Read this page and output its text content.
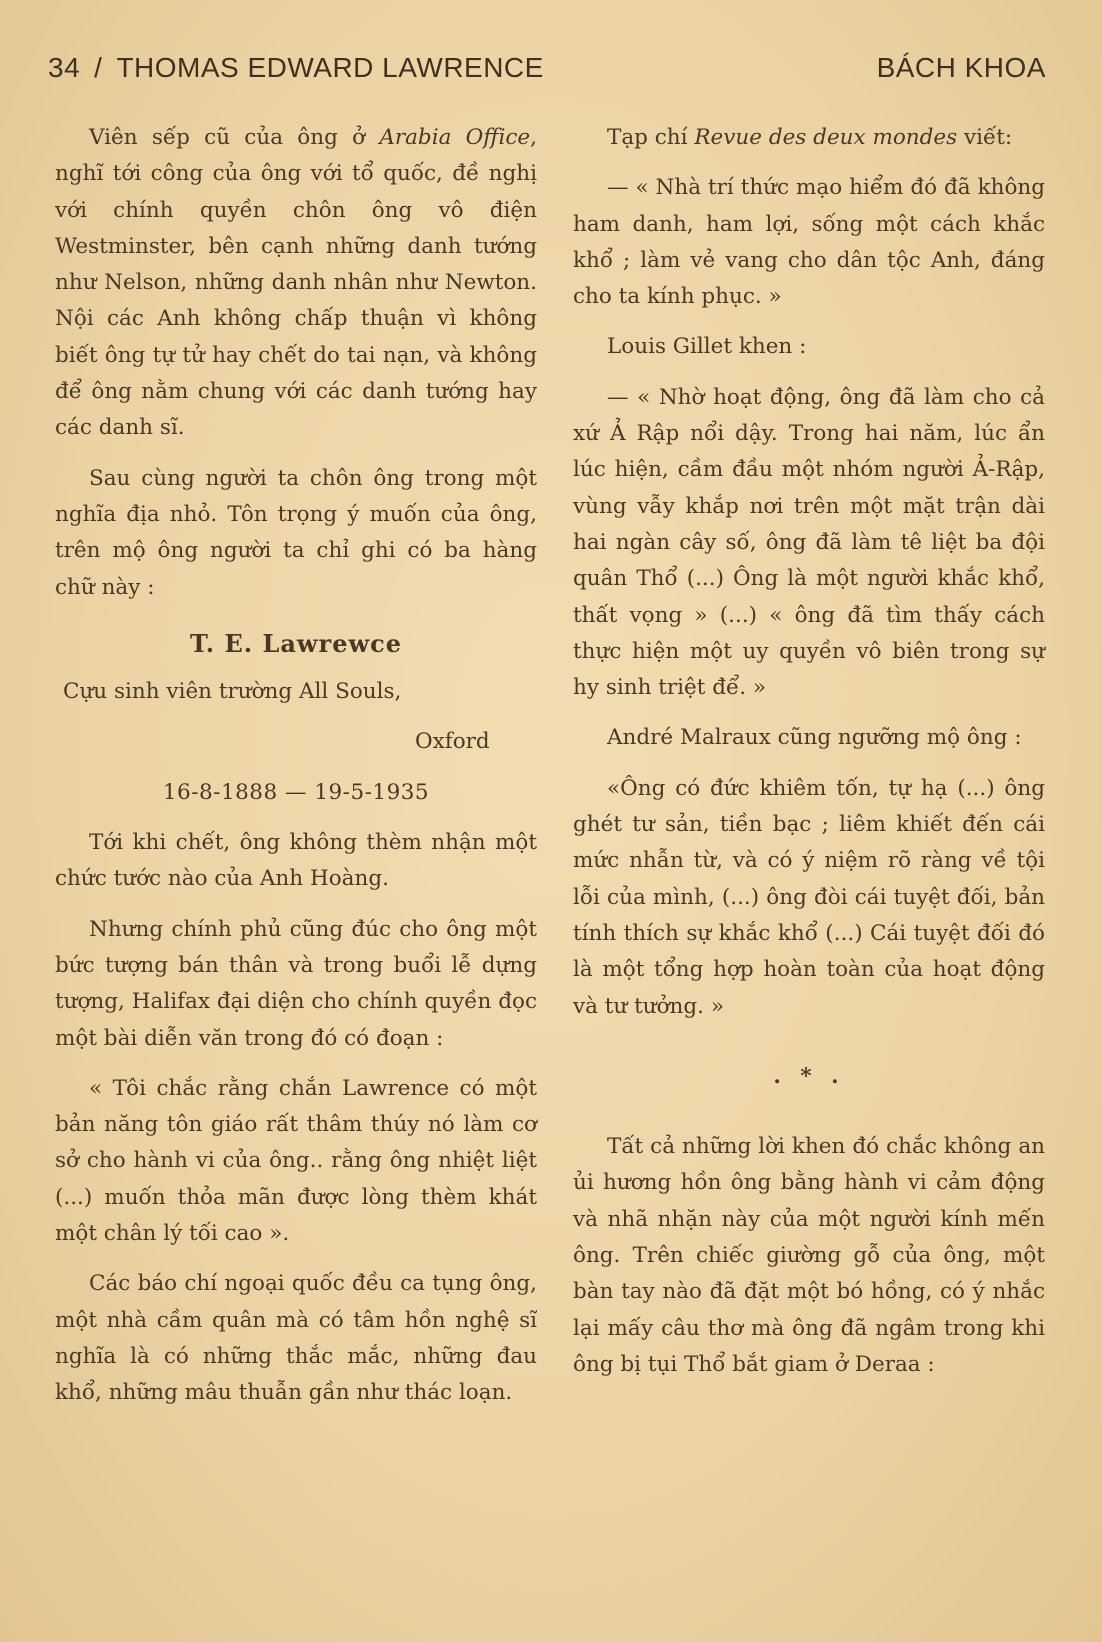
34 / THOMAS EDWARD LAWRENCE	BÁCH KHOA

Viên sếp cũ của ông ở Arabia Office, nghĩ tới công của ông với tổ quốc, đề nghị với chính quyền chôn ông vô điện Westminster, bên cạnh những danh tướng như Nelson, những danh nhân như Newton. Nội các Anh không chấp thuận vì không biết ông tự tử hay chết do tai nạn, và không để ông nằm chung với các danh tướng hay các danh sĩ.

Sau cùng người ta chôn ông trong một nghĩa địa nhỏ. Tôn trọng ý muốn của ông, trên mộ ông người ta chỉ ghi có ba hàng chữ này :

T. E. Lawrewce

Cựu sinh viên trường All Souls,

Oxford

16-8-1888 — 19-5-1935

Tới khi chết, ông không thèm nhận một chức tước nào của Anh Hoàng.

Nhưng chính phủ cũng đúc cho ông một bức tượng bán thân và trong buổi lễ dựng tượng, Halifax đại diện cho chính quyền đọc một bài diễn văn trong đó có đoạn :

« Tôi chắc rằng chắn Lawrence có một bản năng tôn giáo rất thâm thúy nó làm cơ sở cho hành vi của ông.. rằng ông nhiệt liệt (...) muốn thỏa mãn được lòng thèm khát một chân lý tối cao ».

Các báo chí ngoại quốc đều ca tụng ông, một nhà cầm quân mà có tâm hồn nghệ sĩ nghĩa là có những thắc mắc, những đau khổ, những mâu thuẫn gần như thác loạn.

Tạp chí Revue des deux mondes viết:

— « Nhà trí thức mạo hiểm đó đã không ham danh, ham lợi, sống một cách khắc khổ ; làm vẻ vang cho dân tộc Anh, đáng cho ta kính phục. »

Louis Gillet khen :

— « Nhờ hoạt động, ông đã làm cho cả xứ Ả Rập nổi dậy. Trong hai năm, lúc ẩn lúc hiện, cầm đầu một nhóm người Ả-Rập, vùng vẫy khắp nơi trên một mặt trận dài hai ngàn cây số, ông đã làm tê liệt ba đội quân Thổ (...) Ông là một người khắc khổ, thất vọng » (...) « ông đã tìm thấy cách thực hiện một uy quyền vô biên trong sự hy sinh triệt để. »

André Malraux cũng ngưỡng mộ ông :

«Ông có đức khiêm tốn, tự hạ (...) ông ghét tư sản, tiền bạc ; liêm khiết đến cái mức nhẫn từ, và có ý niệm rõ ràng về tội lỗi của mình, (...) ông đòi cái tuyệt đối, bản tính thích sự khắc khổ (...) Cái tuyệt đối đó là một tổng hợp hoàn toàn của hoạt động và tư tưởng. »

. * .

Tất cả những lời khen đó chắc không an ủi hương hồn ông bằng hành vi cảm động và nhã nhặn này của một người kính mến ông. Trên chiếc giường gỗ của ông, một bàn tay nào đã đặt một bó hồng, có ý nhắc lại mấy câu thơ mà ông đã ngâm trong khi ông bị tụi Thổ bắt giam ở Deraa :
